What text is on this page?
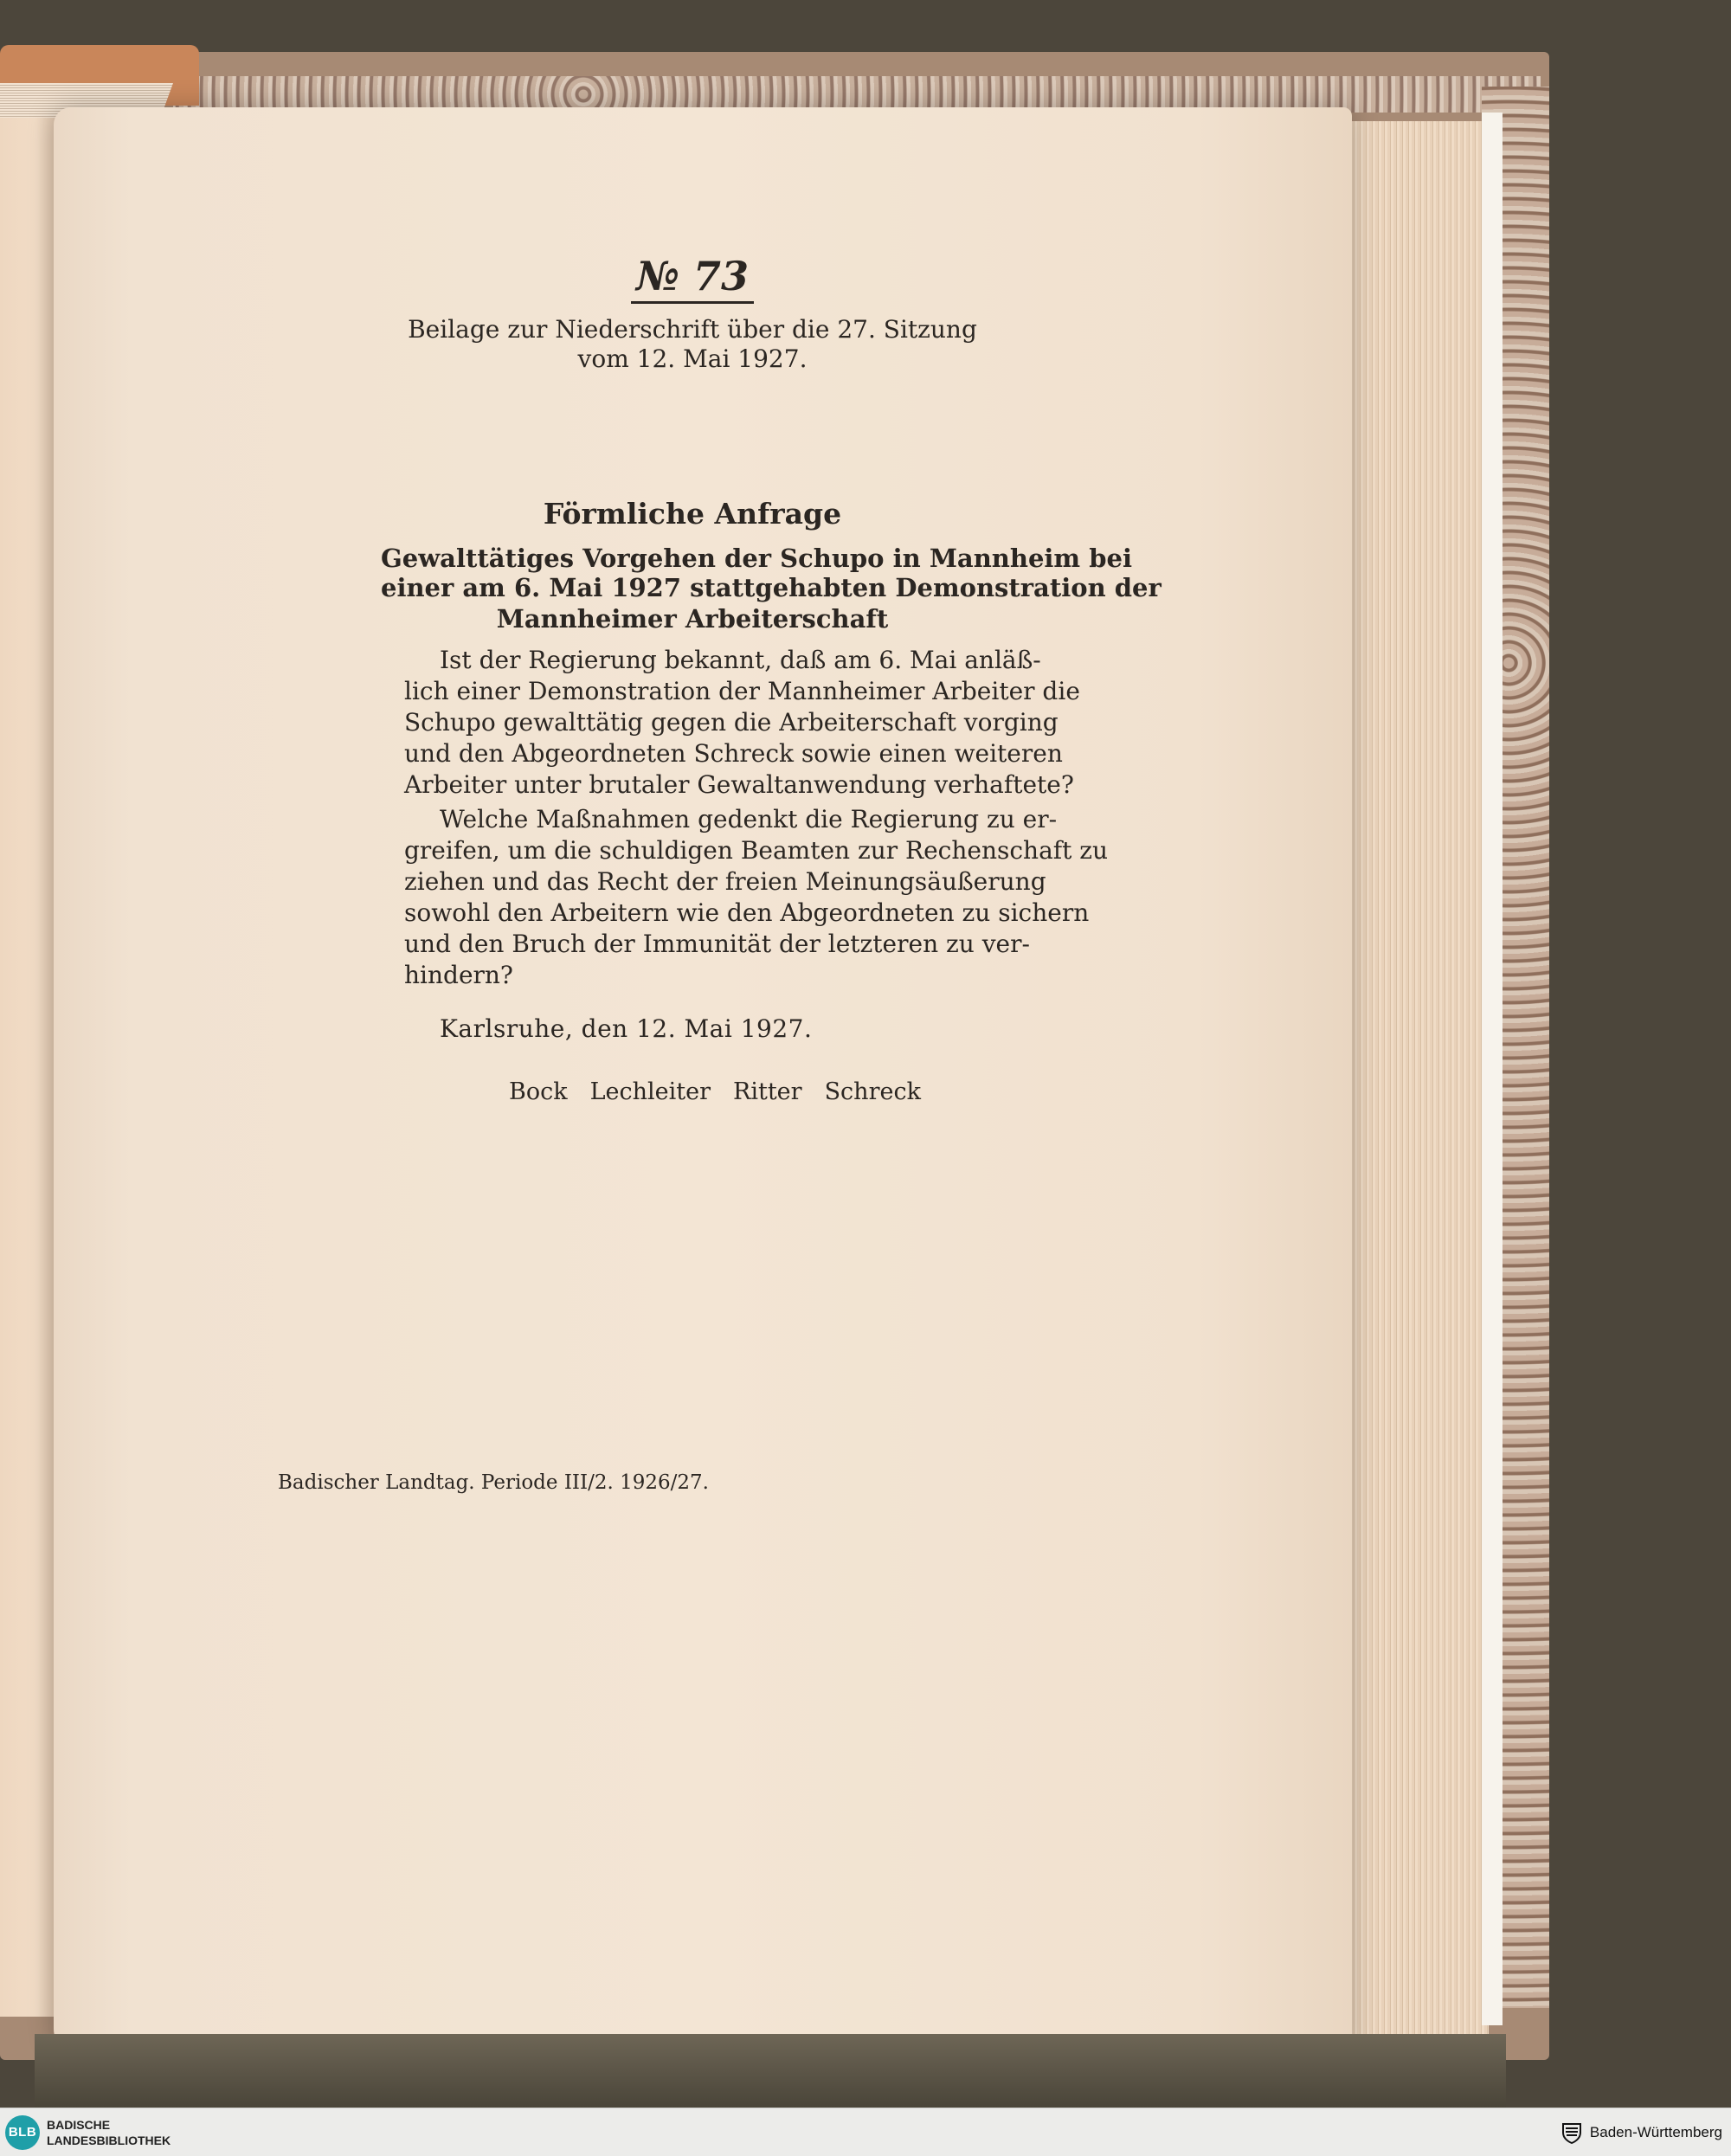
№ 73
Beilage zur Niederschrift über die 27. Sitzung
vom 12. Mai 1927.
Förmliche Anfrage
Gewalttätiges Vorgehen der Schupo in Mannheim bei
einer am 6. Mai 1927 stattgehabten Demonstration der
Mannheimer Arbeiterschaft
Ist der Regierung bekannt, daß am 6. Mai anläß-
lich einer Demonstration der Mannheimer Arbeiter die
Schupo gewalttätig gegen die Arbeiterschaft vorging
und den Abgeordneten Schreck sowie einen weiteren
Arbeiter unter brutaler Gewaltanwendung verhaftete?
Welche Maßnahmen gedenkt die Regierung zu er-
greifen, um die schuldigen Beamten zur Rechenschaft zu
ziehen und das Recht der freien Meinungsäußerung
sowohl den Arbeitern wie den Abgeordneten zu sichern
und den Bruch der Immunität der letzteren zu ver-
hindern?
Karlsruhe, den 12. Mai 1927.
Bock Lechleiter Ritter Schreck
Badischer Landtag. Periode III/2. 1926/27.
BLB BADISCHE
LANDESBIBLIOTHEK	Baden-Württemberg
